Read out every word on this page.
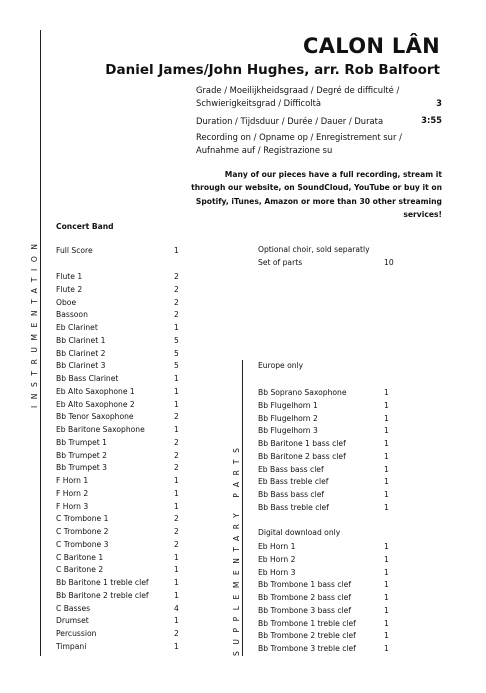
CALON LÂN
Daniel James/John Hughes, arr. Rob Balfoort
Grade / Moeilijkheidsgraad / Degré de difficulté /
Schwierigkeitsgrad / Difficoltà	3
Duration / Tijdsduur / Durée / Dauer / Durata	3:55
Recording on / Opname op / Enregistrement sur /
Aufnahme auf / Registrazione su
Many of our pieces have a full recording, stream it through our website, on SoundCloud, YouTube or buy it on Spotify, iTunes, Amazon or more than 30 other streaming services!
INSTRUMENTATION
SUPPLEMENTARY PARTS
Concert Band
Full Score	1
Flute 1	2
Flute 2	2
Oboe	2
Bassoon	2
Eb Clarinet	1
Bb Clarinet 1	5
Bb Clarinet 2	5
Bb Clarinet 3	5
Bb Bass Clarinet	1
Eb Alto Saxophone 1	1
Eb Alto Saxophone 2	1
Bb Tenor Saxophone	2
Eb Baritone Saxophone	1
Bb Trumpet 1	2
Bb Trumpet 2	2
Bb Trumpet 3	2
F Horn 1	1
F Horn 2	1
F Horn 3	1
C Trombone 1	2
C Trombone 2	2
C Trombone 3	2
C Baritone 1	1
C Baritone 2	1
Bb Baritone 1 treble clef	1
Bb Baritone 2 treble clef	1
C Basses	4
Drumset	1
Percussion	2
Timpani	1
Optional choir, sold separatly
Set of parts	10
Europe only
Bb Soprano Saxophone	1
Bb Flugelhorn 1	1
Bb Flugelhorn 2	1
Bb Flugelhorn 3	1
Bb Baritone 1 bass clef	1
Bb Baritone 2 bass clef	1
Eb Bass bass clef	1
Eb Bass treble clef	1
Bb Bass bass clef	1
Bb Bass treble clef	1
Digital download only
Eb Horn 1	1
Eb Horn 2	1
Eb Horn 3	1
Bb Trombone 1 bass clef	1
Bb Trombone 2 bass clef	1
Bb Trombone 3 bass clef	1
Bb Trombone 1 treble clef	1
Bb Trombone 2 treble clef	1
Bb Trombone 3 treble clef	1
